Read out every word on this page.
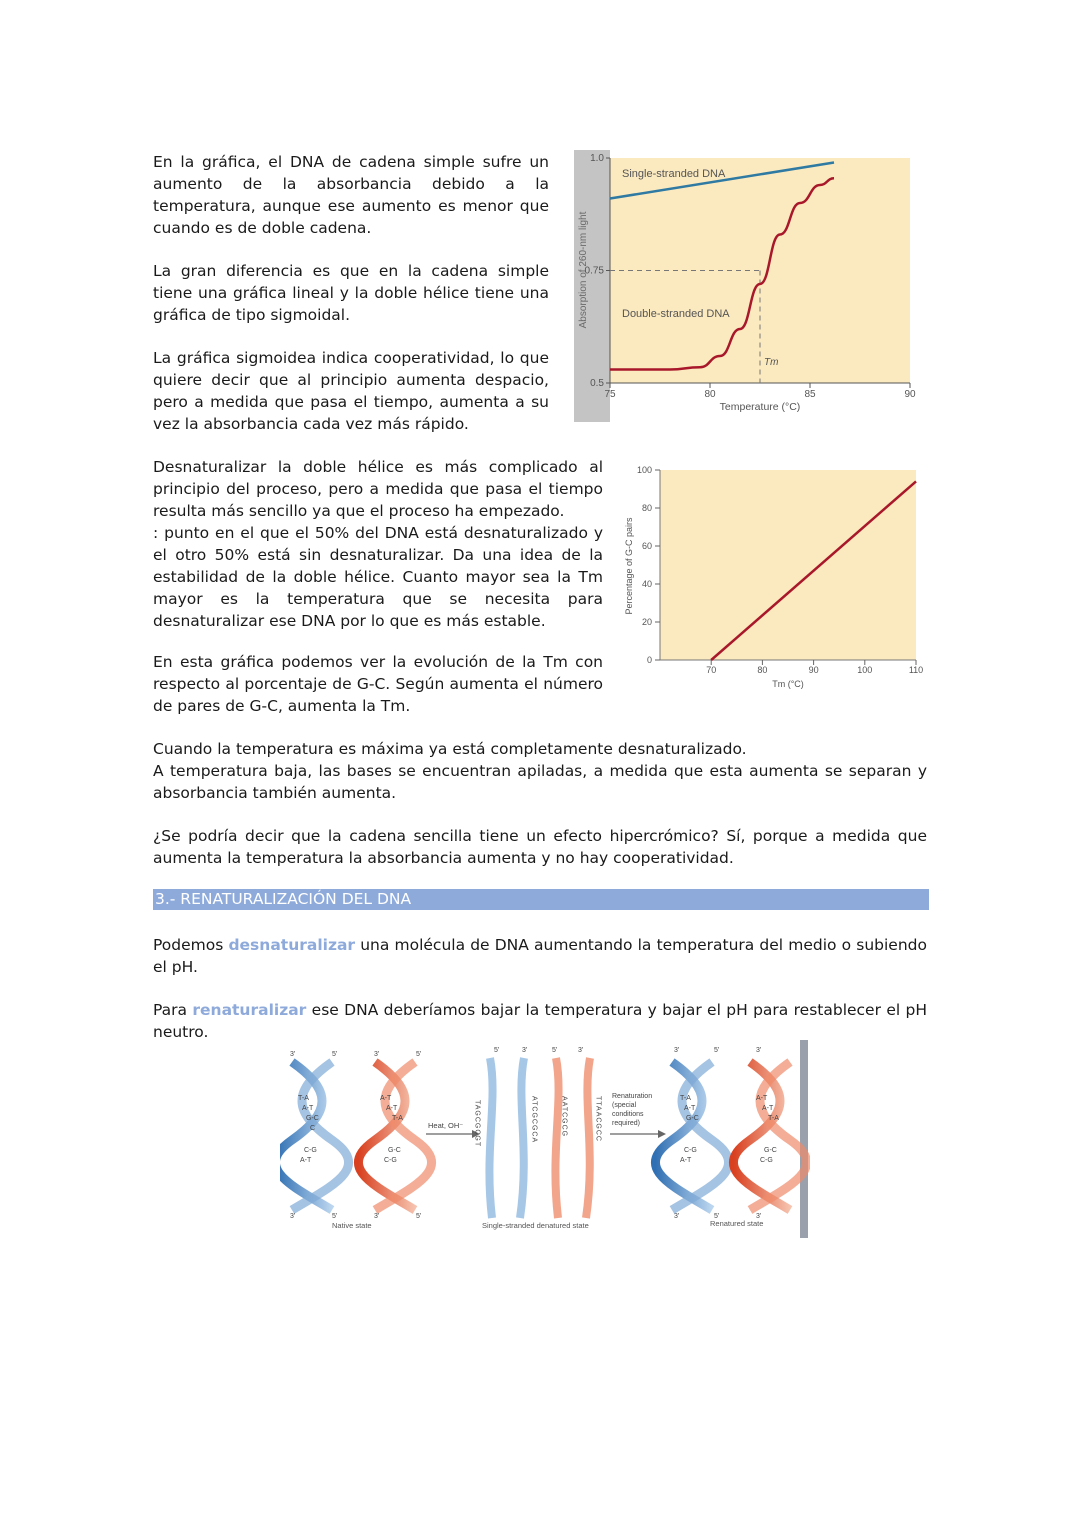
En la gráfica, el DNA de cadena simple sufre un aumento de la absorbancia debido a la temperatura, aunque ese aumento es menor que cuando es de doble cadena.

La gran diferencia es que en la cadena simple tiene una gráfica lineal y la doble hélice tiene una gráfica de tipo sigmoidal.

La gráfica sigmoidea indica cooperatividad, lo que quiere decir que al principio aumenta despacio, pero a medida que pasa el tiempo, aumenta a su vez la absorbancia cada vez más rápido.

Desnaturalizar la doble hélice es más complicado al principio del proceso, pero a medida que pasa el tiempo resulta más sencillo ya que el proceso ha empezado.

: punto en el que el 50% del DNA está desnaturalizado y el otro 50% está sin desnaturalizar. Da una idea de la estabilidad de la doble hélice. Cuanto mayor sea la Tm mayor es la temperatura que se necesita para desnaturalizar ese DNA por lo que es más estable.

En esta gráfica podemos ver la evolución de la Tm con respecto al porcentaje de G-C. Según aumenta el número de pares de G-C, aumenta la Tm.

Cuando la temperatura es máxima ya está completamente desnaturalizado.

A temperatura baja, las bases se encuentran apiladas, a medida que esta aumenta se separan y absorbancia también aumenta.

¿Se podría decir que la cadena sencilla tiene un efecto hipercrómico? Sí, porque a medida que aumenta la temperatura la absorbancia aumenta y no hay cooperatividad.

3.- RENATURALIZACIÓN DEL DNA

Podemos desnaturalizar una molécula de DNA aumentando la temperatura del medio o subiendo el pH.

Para renaturalizar ese DNA deberíamos bajar la temperatura y bajar el pH para restablecer el pH neutro.

Absorption of 260-nm light
Temperature (°C)
75	80	85	90
0.5
0.75
1.0
Tm
Single-stranded DNA
Double-stranded DNA
Percentage of G-C pairs
Tm (°C)
70	80	90	100	110
0
20
40
60
80
100
T-A
A-T
G-C
C
C-G
A-T
A-T
A-T
T-A
G-C
C-G
3'	5'	3'	5'
3'	5'	3'	5'
Native state
Heat, OH⁻ TAGCGCGT	ATCGCGCA	AATCGCG	TTAACGCC
5'	3'	5'	3'
Single-stranded denatured state
Renaturation
(special
conditions
required)
T-A
A-T
G-C
C-G
A-T
A-T
A-T
T-A
G-C
C-G
3'	5'	3'
3'	5'	3'
Renatured state
